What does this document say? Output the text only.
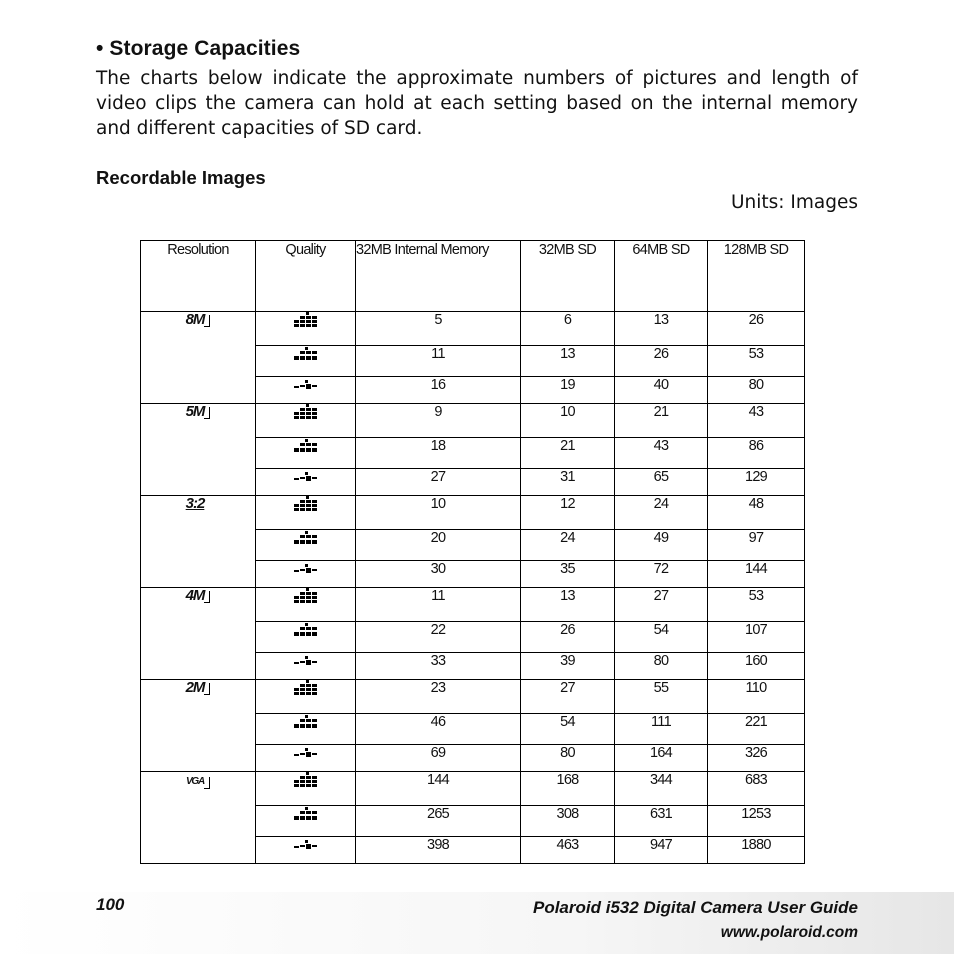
• Storage Capacities
The charts below indicate the approximate numbers of pictures and length of video clips the camera can hold at each setting based on the internal memory and different capacities of SD card.
Recordable Images
Units: Images
Resolution	Quality	32MB Internal Memory	32MB SD	64MB SD	128MB SD
8M		5	6	13	26
	11	13	26	53
	16	19	40	80
5M		9	10	21	43
	18	21	43	86
	27	31	65	129
3:2		10	12	24	48
	20	24	49	97
	30	35	72	144
4M		11	13	27	53
	22	26	54	107
	33	39	80	160
2M		23	27	55	110
	46	54	111	221
	69	80	164	326
VGA		144	168	344	683
	265	308	631	1253
	398	463	947	1880
100	Polaroid i532 Digital Camera User Guide
www.polaroid.com
